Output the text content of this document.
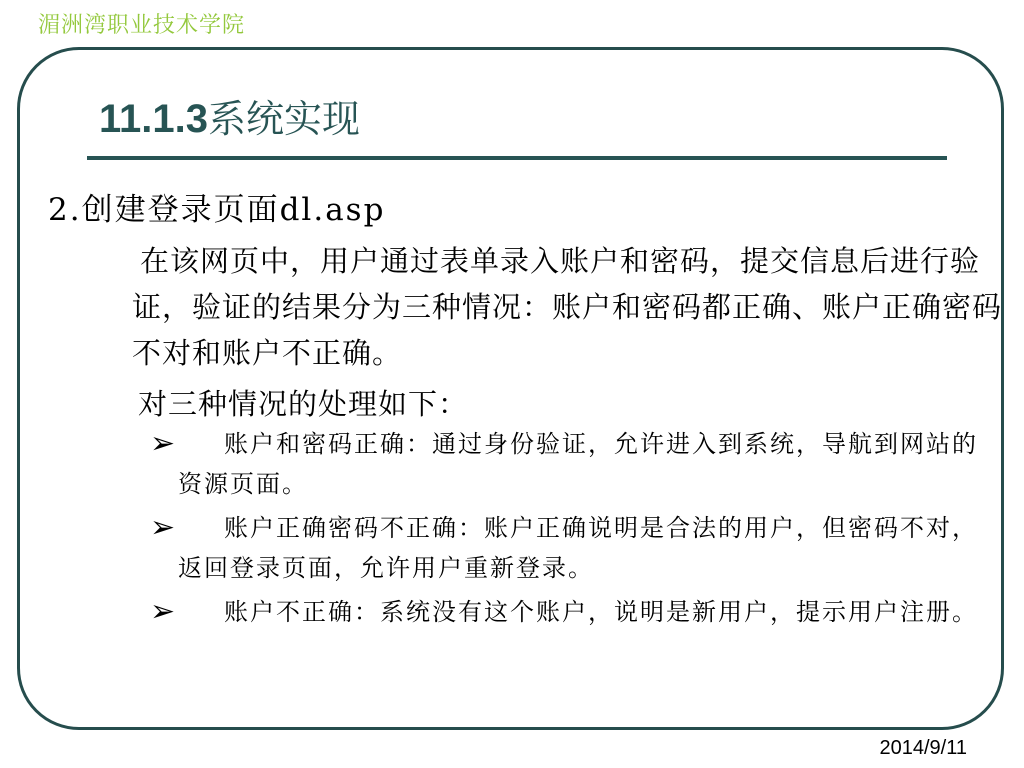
湄洲湾职业技术学院
11.1.3 系统实现
2.创建登录页面dl.asp
在该网页中，用户通过表单录入账户和密码，提交信息后进行验证，验证的结果分为三种情况：账户和密码都正确、账户正确密码不对和账户不正确。
对三种情况的处理如下：
➢	账户和密码正确：通过身份验证，允许进入到系统，导航到网站的资源页面。
➢	账户正确密码不正确：账户正确说明是合法的用户，但密码不对，返回登录页面，允许用户重新登录。
➢	账户不正确：系统没有这个账户，说明是新用户，提示用户注册。
2014/9/11
